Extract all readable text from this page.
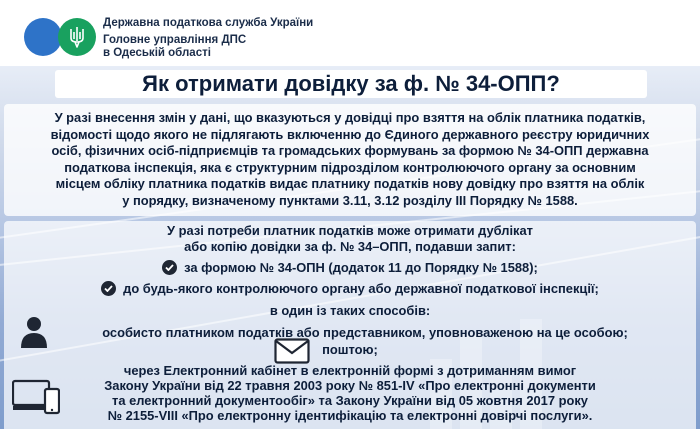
Державна податкова служба України
Головне управління ДПС
в Одеській області
Як отримати довідку за ф. № 34-ОПП?

У разі внесення змін у дані, що вказуються у довідці про взяття на облік платника податків,

відомості щодо якого не підлягають включенню до Єдиного державного реєстру юридичних

осіб, фізичних осіб-підприємців та громадських формувань за формою № 34-ОПП державна

податкова інспекція, яка є структурним підрозділом контролюючого органу за основним

місцем обліку платника податків видає платнику податків нову довідку про взяття на облік

у порядку, визначеному пунктами 3.11, 3.12 розділу ІІІ Порядку № 1588.

У разі потреби платник податків може отримати дублікат
або копію довідки за ф. № 34–ОПП, подавши запит:
за формою № 34-ОПН (додаток 11 до Порядку № 1588);
до будь-якого контролюючого органу або державної податкової інспекції;
в один із таких способів:
особисто платником податків або представником, уповноваженою на це особою;
поштою;
через Електронний кабінет в електронній формі з дотриманням вимог
Закону України від 22 травня 2003 року № 851-IV «Про електронні документи
та електронний документообіг» та Закону України від 05 жовтня 2017 року
№ 2155-VIII «Про електронну ідентифікацію та електронні довірчі послуги».
